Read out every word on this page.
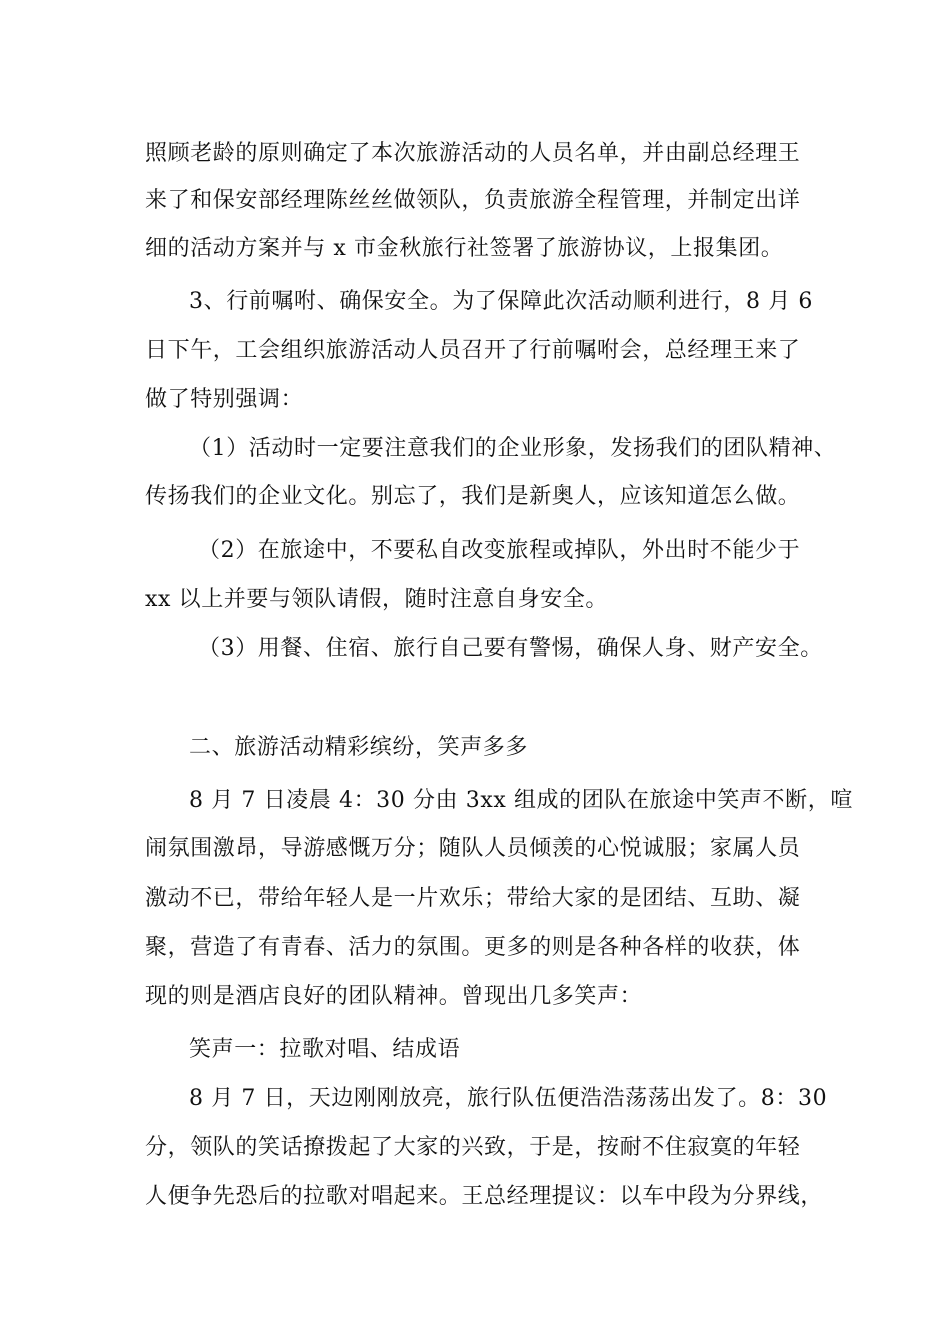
照顾老龄的原则确定了本次旅游活动的人员名单，并由副总经理王
来了和保安部经理陈丝丝做领队，负责旅游全程管理，并制定出详
细的活动方案并与 x 市金秋旅行社签署了旅游协议，上报集团。
3、行前嘱咐、确保安全。为了保障此次活动顺利进行，8 月 6
日下午，工会组织旅游活动人员召开了行前嘱咐会，总经理王来了
做了特别强调：
（1）活动时一定要注意我们的企业形象，发扬我们的团队精神、
传扬我们的企业文化。别忘了，我们是新奥人，应该知道怎么做。
（2）在旅途中，不要私自改变旅程或掉队，外出时不能少于
xx 以上并要与领队请假，随时注意自身安全。
（3）用餐、住宿、旅行自己要有警惕，确保人身、财产安全。
二、旅游活动精彩缤纷，笑声多多
8 月 7 日凌晨 4：30 分由 3xx 组成的团队在旅途中笑声不断，喧
闹氛围激昂，导游感慨万分；随队人员倾羡的心悦诚服；家属人员
激动不已，带给年轻人是一片欢乐；带给大家的是团结、互助、凝
聚，营造了有青春、活力的氛围。更多的则是各种各样的收获，体
现的则是酒店良好的团队精神。曾现出几多笑声：
笑声一：拉歌对唱、结成语
8 月 7 日，天边刚刚放亮，旅行队伍便浩浩荡荡出发了。8：30
分，领队的笑话撩拨起了大家的兴致，于是，按耐不住寂寞的年轻
人便争先恐后的拉歌对唱起来。王总经理提议：以车中段为分界线，
